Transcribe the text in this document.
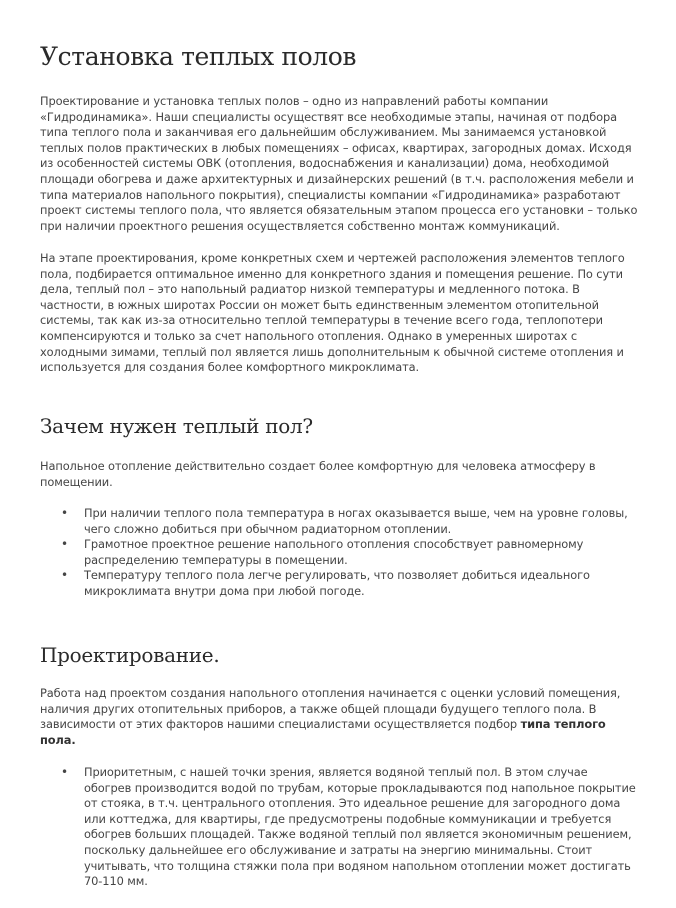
Установка теплых полов

Проектирование и установка теплых полов – одно из направлений работы компании «Гидродинамика». Наши специалисты осуществят все необходимые этапы, начиная от подбора типа теплого пола и заканчивая его дальнейшим обслуживанием. Мы занимаемся установкой теплых полов практических в любых помещениях – офисах, квартирах, загородных домах. Исходя из особенностей системы ОВК (отопления, водоснабжения и канализации) дома, необходимой площади обогрева и даже архитектурных и дизайнерских решений (в т.ч. расположения мебели и типа материалов напольного покрытия), специалисты компании «Гидродинамика» разработают проект системы теплого пола, что является обязательным этапом процесса его установки – только при наличии проектного решения осуществляется собственно монтаж коммуникаций.

На этапе проектирования, кроме конкретных схем и чертежей расположения элементов теплого пола, подбирается оптимальное именно для конкретного здания и помещения решение. По сути дела, теплый пол – это напольный радиатор низкой температуры и медленного потока. В частности, в южных широтах России он может быть единственным элементом отопительной системы, так как из-за относительно теплой температуры в течение всего года, теплопотери компенсируются и только за счет напольного отопления. Однако в умеренных широтах с холодными зимами, теплый пол является лишь дополнительным к обычной системе отопления и используется для создания более комфортного микроклимата.

Зачем нужен теплый пол?

Напольное отопление действительно создает более комфортную для человека атмосферу в помещении.

• При наличии теплого пола температура в ногах оказывается выше, чем на уровне головы, чего сложно добиться при обычном радиаторном отоплении.
• Грамотное проектное решение напольного отопления способствует равномерному распределению температуры в помещении.
• Температуру теплого пола легче регулировать, что позволяет добиться идеального микроклимата внутри дома при любой погоде.
Проектирование.

Работа над проектом создания напольного отопления начинается с оценки условий помещения, наличия других отопительных приборов, а также общей площади будущего теплого пола. В зависимости от этих факторов нашими специалистами осуществляется подбор типа теплого пола.

• Приоритетным, с нашей точки зрения, является водяной теплый пол. В этом случае обогрев производится водой по трубам, которые прокладываются под напольное покрытие от стояка, в т.ч. центрального отопления. Это идеальное решение для загородного дома или коттеджа, для квартиры, где предусмотрены подобные коммуникации и требуется обогрев больших площадей. Также водяной теплый пол является экономичным решением, поскольку дальнейшее его обслуживание и затраты на энергию минимальны. Стоит учитывать, что толщина стяжки пола при водяном напольном отоплении может достигать 70-110 мм.
